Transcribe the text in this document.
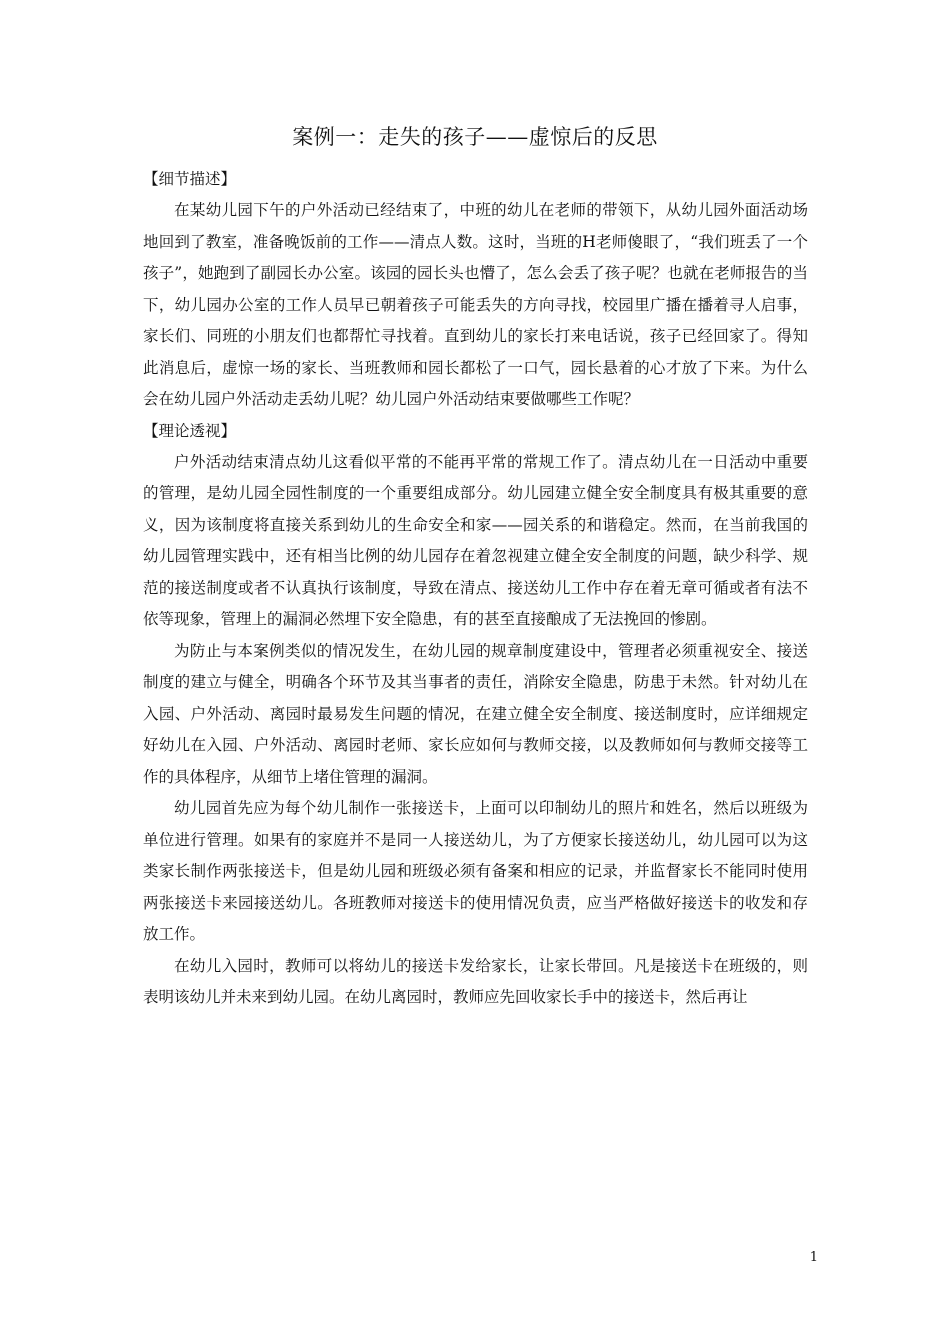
案例一：走失的孩子——虚惊后的反思
【细节描述】

在某幼儿园下午的户外活动已经结束了，中班的幼儿在老师的带领下，从幼儿园外面活动场地回到了教室，准备晚饭前的工作——清点人数。这时，当班的H老师傻眼了，“我们班丢了一个孩子”，她跑到了副园长办公室。该园的园长头也懵了，怎么会丢了孩子呢？也就在老师报告的当下，幼儿园办公室的工作人员早已朝着孩子可能丢失的方向寻找，校园里广播在播着寻人启事，家长们、同班的小朋友们也都帮忙寻找着。直到幼儿的家长打来电话说，孩子已经回家了。得知此消息后，虚惊一场的家长、当班教师和园长都松了一口气，园长悬着的心才放了下来。为什么会在幼儿园户外活动走丢幼儿呢？幼儿园户外活动结束要做哪些工作呢？

【理论透视】

户外活动结束清点幼儿这看似平常的不能再平常的常规工作了。清点幼儿在一日活动中重要的管理，是幼儿园全园性制度的一个重要组成部分。幼儿园建立健全安全制度具有极其重要的意义，因为该制度将直接关系到幼儿的生命安全和家——园关系的和谐稳定。然而，在当前我国的幼儿园管理实践中，还有相当比例的幼儿园存在着忽视建立健全安全制度的问题，缺少科学、规范的接送制度或者不认真执行该制度，导致在清点、接送幼儿工作中存在着无章可循或者有法不依等现象，管理上的漏洞必然埋下安全隐患，有的甚至直接酿成了无法挽回的惨剧。

为防止与本案例类似的情况发生，在幼儿园的规章制度建设中，管理者必须重视安全、接送制度的建立与健全，明确各个环节及其当事者的责任，消除安全隐患，防患于未然。针对幼儿在入园、户外活动、离园时最易发生问题的情况，在建立健全安全制度、接送制度时，应详细规定好幼儿在入园、户外活动、离园时老师、家长应如何与教师交接，以及教师如何与教师交接等工作的具体程序，从细节上堵住管理的漏洞。

幼儿园首先应为每个幼儿制作一张接送卡，上面可以印制幼儿的照片和姓名，然后以班级为单位进行管理。如果有的家庭并不是同一人接送幼儿，为了方便家长接送幼儿，幼儿园可以为这类家长制作两张接送卡，但是幼儿园和班级必须有备案和相应的记录，并监督家长不能同时使用两张接送卡来园接送幼儿。各班教师对接送卡的使用情况负责，应当严格做好接送卡的收发和存放工作。

在幼儿入园时，教师可以将幼儿的接送卡发给家长，让家长带回。凡是接送卡在班级的，则表明该幼儿并未来到幼儿园。在幼儿离园时，教师应先回收家长手中的接送卡，然后再让

1
